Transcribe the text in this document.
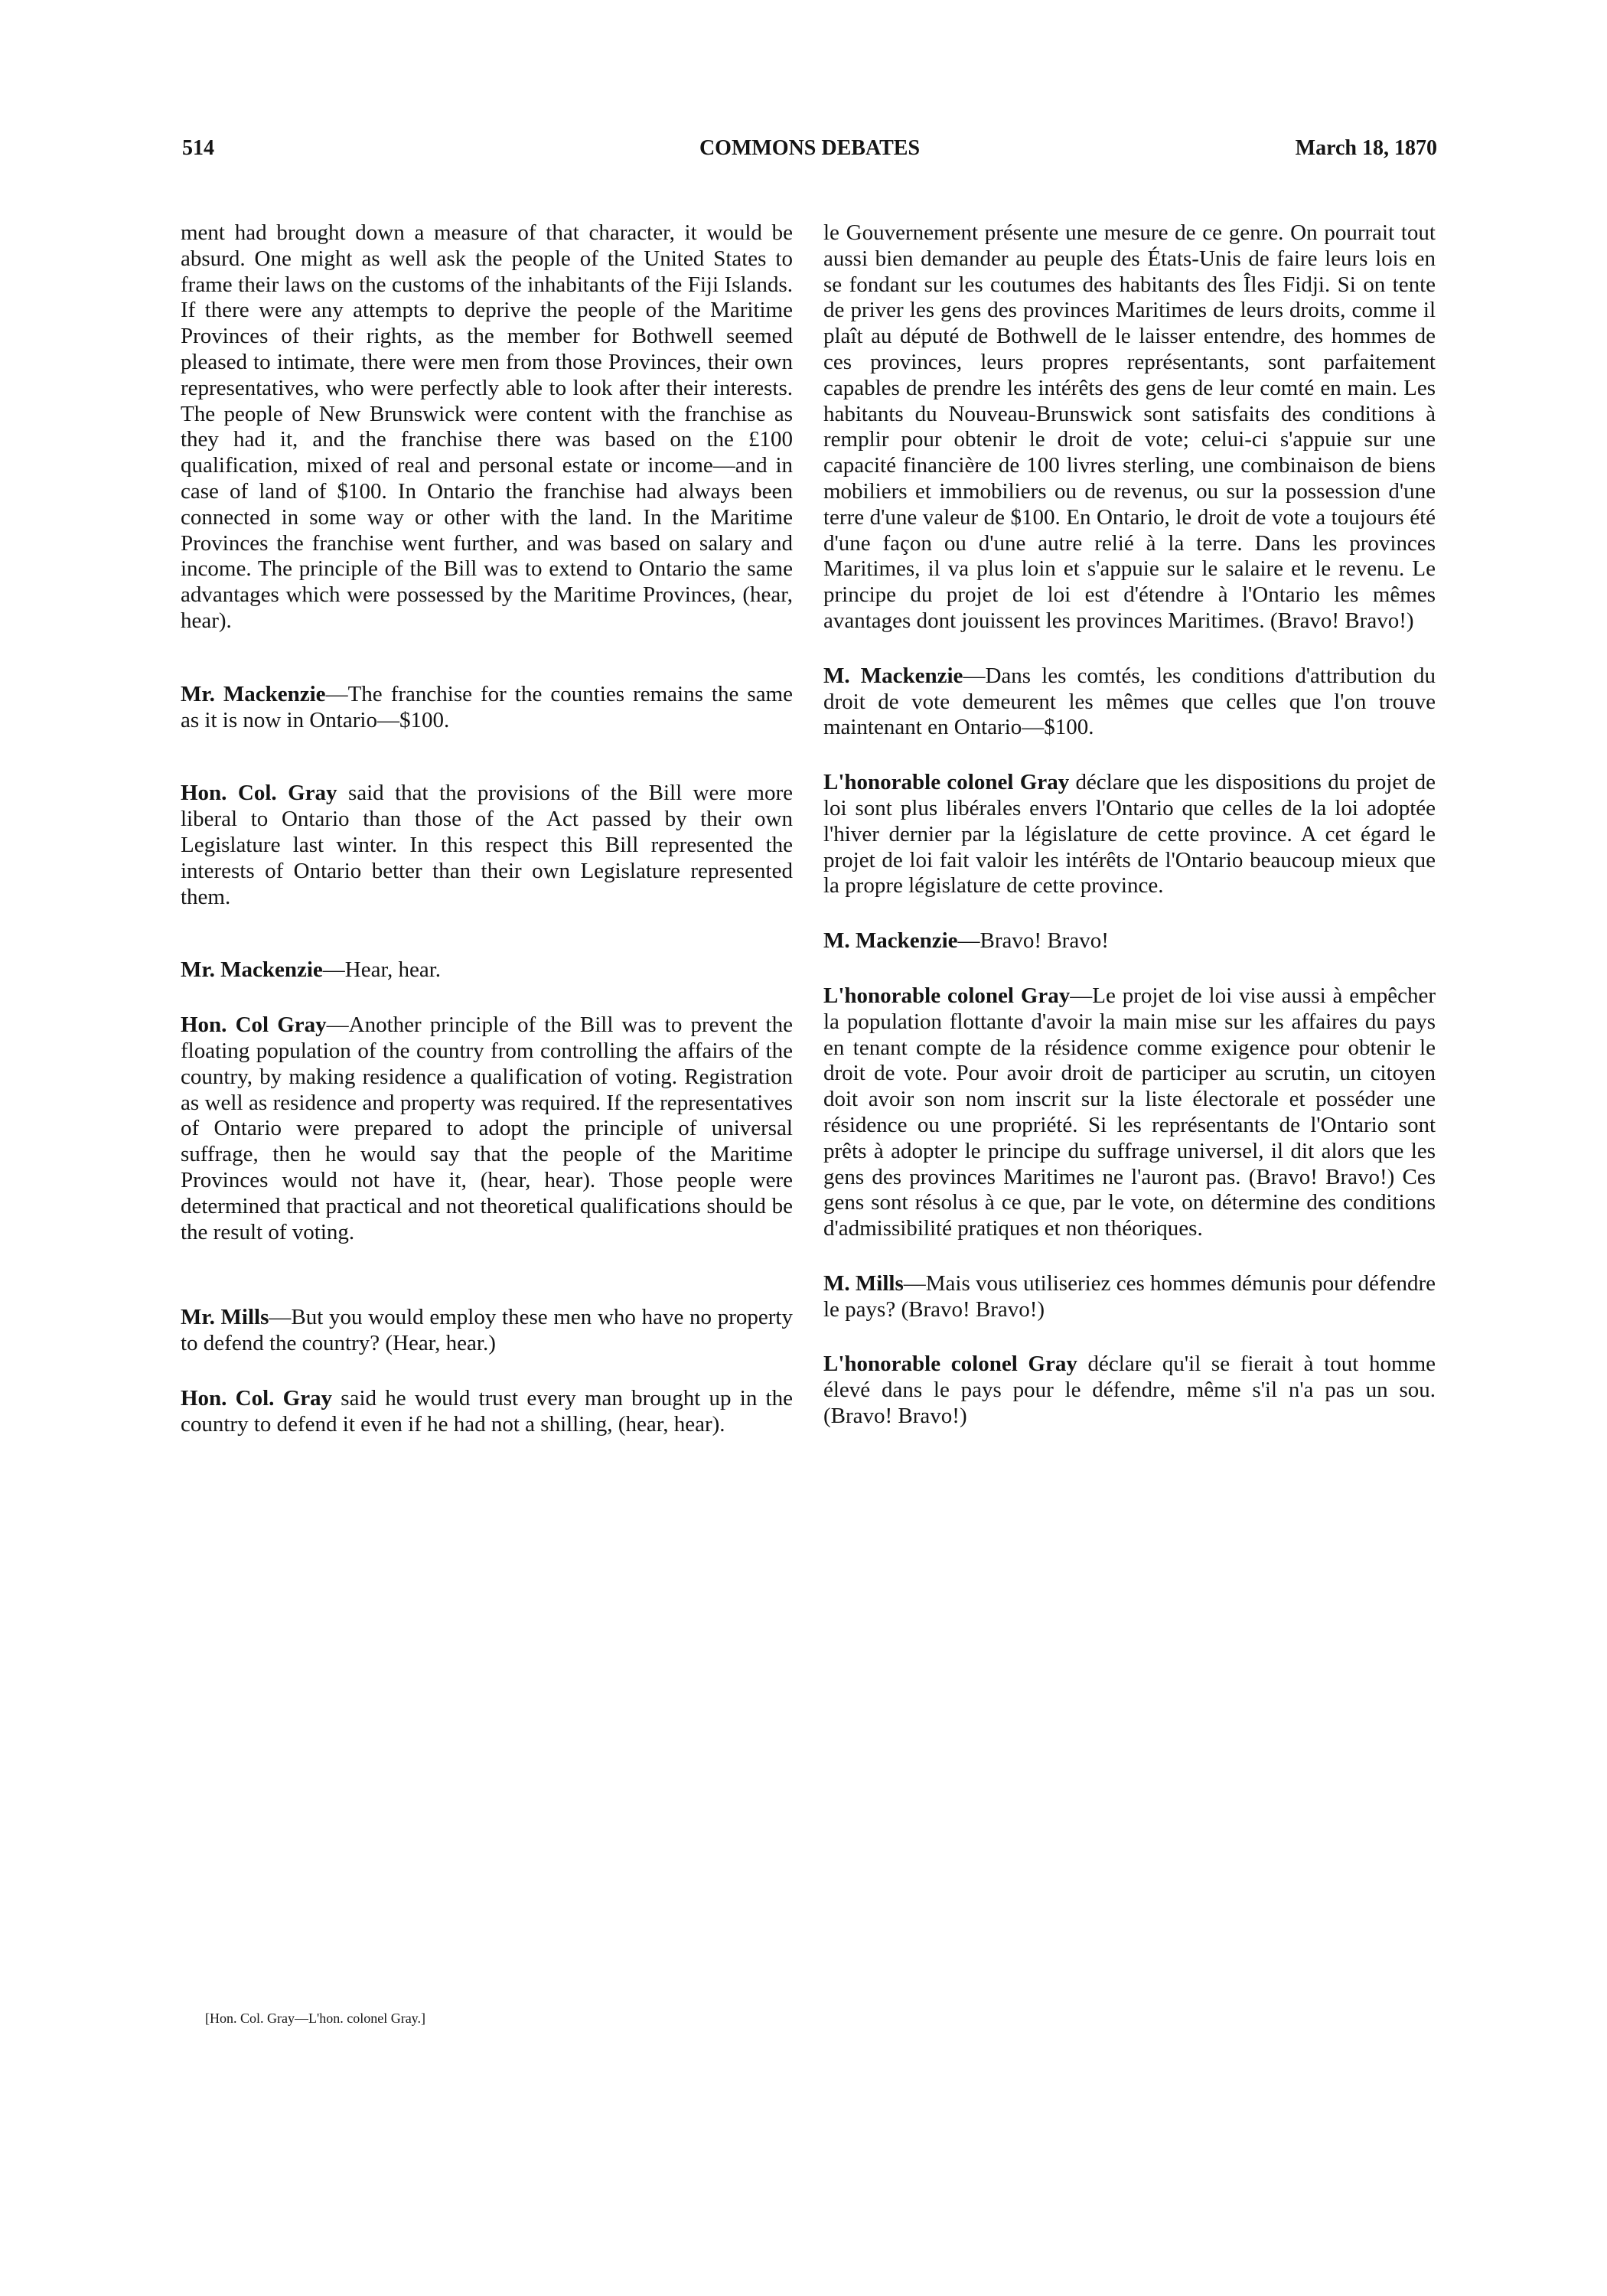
514	COMMONS DEBATES	March 18, 1870

ment had brought down a measure of that character, it would be absurd. One might as well ask the people of the United States to frame their laws on the customs of the inhabitants of the Fiji Islands. If there were any attempts to deprive the people of the Maritime Provinces of their rights, as the member for Bothwell seemed pleased to intimate, there were men from those Provinces, their own representatives, who were perfectly able to look after their interests. The people of New Brunswick were content with the franchise as they had it, and the franchise there was based on the £100 qualification, mixed of real and personal estate or income—and in case of land of $100. In Ontario the franchise had always been connected in some way or other with the land. In the Maritime Provinces the franchise went further, and was based on salary and income. The principle of the Bill was to extend to Ontario the same advantages which were possessed by the Maritime Provinces, (hear, hear).

Mr. Mackenzie—The franchise for the counties remains the same as it is now in Ontario—$100.

Hon. Col. Gray said that the provisions of the Bill were more liberal to Ontario than those of the Act passed by their own Legislature last winter. In this respect this Bill represented the interests of Ontario better than their own Legislature represented them.

Mr. Mackenzie—Hear, hear.

Hon. Col Gray—Another principle of the Bill was to prevent the floating population of the country from controlling the affairs of the country, by making residence a qualification of voting. Registration as well as residence and property was required. If the representatives of Ontario were prepared to adopt the principle of universal suffrage, then he would say that the people of the Maritime Provinces would not have it, (hear, hear). Those people were determined that practical and not theoretical qualifications should be the result of voting.

Mr. Mills—But you would employ these men who have no property to defend the country? (Hear, hear.)

Hon. Col. Gray said he would trust every man brought up in the country to defend it even if he had not a shilling, (hear, hear).

le Gouvernement présente une mesure de ce genre. On pourrait tout aussi bien demander au peuple des États-Unis de faire leurs lois en se fondant sur les coutumes des habitants des Îles Fidji. Si on tente de priver les gens des provinces Maritimes de leurs droits, comme il plaît au député de Bothwell de le laisser entendre, des hommes de ces provinces, leurs propres représentants, sont parfaitement capables de prendre les intérêts des gens de leur comté en main. Les habitants du Nouveau-Brunswick sont satisfaits des conditions à remplir pour obtenir le droit de vote; celui-ci s'appuie sur une capacité financière de 100 livres sterling, une combinaison de biens mobiliers et immobiliers ou de revenus, ou sur la possession d'une terre d'une valeur de $100. En Ontario, le droit de vote a toujours été d'une façon ou d'une autre relié à la terre. Dans les provinces Maritimes, il va plus loin et s'appuie sur le salaire et le revenu. Le principe du projet de loi est d'étendre à l'Ontario les mêmes avantages dont jouissent les provinces Maritimes. (Bravo! Bravo!)

M. Mackenzie—Dans les comtés, les conditions d'attribution du droit de vote demeurent les mêmes que celles que l'on trouve maintenant en Ontario—$100.

L'honorable colonel Gray déclare que les dispositions du projet de loi sont plus libérales envers l'Ontario que celles de la loi adoptée l'hiver dernier par la législature de cette province. A cet égard le projet de loi fait valoir les intérêts de l'Ontario beaucoup mieux que la propre législature de cette province.

M. Mackenzie—Bravo! Bravo!

L'honorable colonel Gray—Le projet de loi vise aussi à empêcher la population flottante d'avoir la main mise sur les affaires du pays en tenant compte de la résidence comme exigence pour obtenir le droit de vote. Pour avoir droit de participer au scrutin, un citoyen doit avoir son nom inscrit sur la liste électorale et posséder une résidence ou une propriété. Si les représentants de l'Ontario sont prêts à adopter le principe du suffrage universel, il dit alors que les gens des provinces Maritimes ne l'auront pas. (Bravo! Bravo!) Ces gens sont résolus à ce que, par le vote, on détermine des conditions d'admissibilité pratiques et non théoriques.

M. Mills—Mais vous utiliseriez ces hommes démunis pour défendre le pays? (Bravo! Bravo!)

L'honorable colonel Gray déclare qu'il se fierait à tout homme élevé dans le pays pour le défendre, même s'il n'a pas un sou. (Bravo! Bravo!)

[Hon. Col. Gray—L'hon. colonel Gray.]
